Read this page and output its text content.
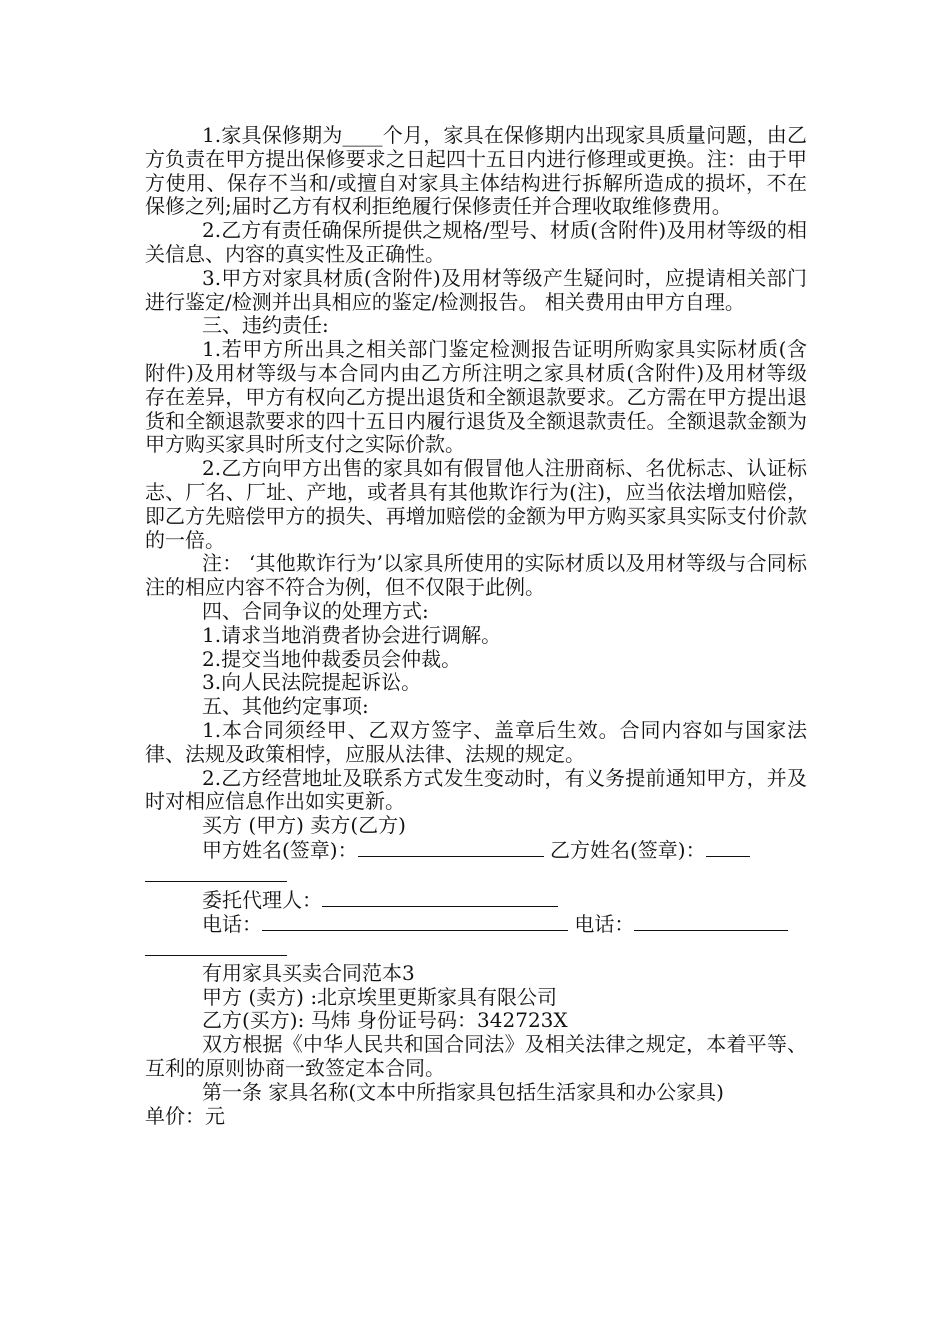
1.家具保修期为____个月，家具在保修期内出现家具质量问题，由乙方负责在甲方提出保修要求之日起四十五日内进行修理或更换。注：由于甲方使用、保存不当和/或擅自对家具主体结构进行拆解所造成的损坏，不在保修之列;届时乙方有权利拒绝履行保修责任并合理收取维修费用。

2.乙方有责任确保所提供之规格/型号、材质(含附件)及用材等级的相关信息、内容的真实性及正确性。

3.甲方对家具材质(含附件)及用材等级产生疑问时，应提请相关部门进行鉴定/检测并出具相应的鉴定/检测报告。 相关费用由甲方自理。

三、违约责任:

1.若甲方所出具之相关部门鉴定检测报告证明所购家具实际材质(含附件)及用材等级与本合同内由乙方所注明之家具材质(含附件)及用材等级存在差异，甲方有权向乙方提出退货和全额退款要求。乙方需在甲方提出退货和全额退款要求的四十五日内履行退货及全额退款责任。全额退款金额为甲方购买家具时所支付之实际价款。

2.乙方向甲方出售的家具如有假冒他人注册商标、名优标志、认证标志、厂名、厂址、产地，或者具有其他欺诈行为(注)，应当依法增加赔偿，即乙方先赔偿甲方的损失、再增加赔偿的金额为甲方购买家具实际支付价款的一倍。

注： ‘其他欺诈行为’以家具所使用的实际材质以及用材等级与合同标注的相应内容不符合为例，但不仅限于此例。

四、合同争议的处理方式:

1.请求当地消费者协会进行调解。

2.提交当地仲裁委员会仲裁。

3.向人民法院提起诉讼。

五、其他约定事项:

1.本合同须经甲、乙双方签字、盖章后生效。合同内容如与国家法律、法规及政策相悖，应服从法律、法规的规定。

2.乙方经营地址及联系方式发生变动时，有义务提前通知甲方，并及时对相应信息作出如实更新。

买方 (甲方) 卖方(乙方)

甲方姓名(签章)：	乙方姓名(签章)：
委托代理人：
电话：	电话：

有用家具买卖合同范本3

甲方 (卖方) :北京埃里更斯家具有限公司

乙方(买方): 马炜 身份证号码：342723X

双方根据《中华人民共和国合同法》及相关法律之规定，本着平等、互利的原则协商一致签定本合同。

第一条 家具名称(文本中所指家具包括生活家具和办公家具)

单价：元
